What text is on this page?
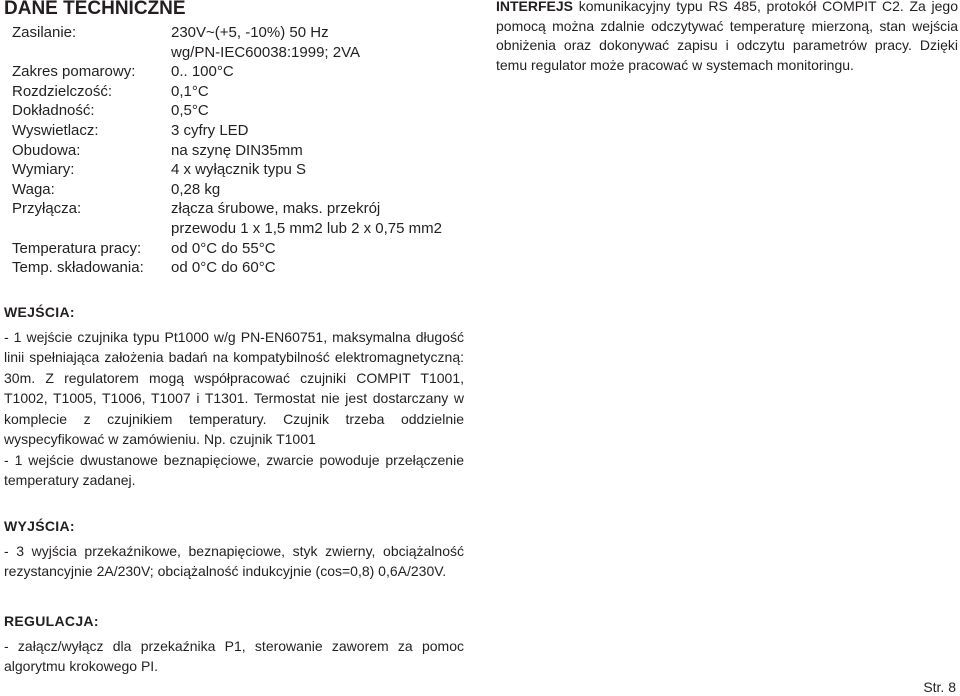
DANE TECHNICZNE
Zasilanie:	230V~(+5, -10%) 50 Hz
wg/PN-IEC60038:1999; 2VA
Zakres pomarowy:	0.. 100°C
Rozdzielczość:	0,1°C
Dokładność:	0,5°C
Wyswietlacz:	3 cyfry LED
Obudowa:	na szynę DIN35mm
Wymiary:	4 x wyłącznik typu S
Waga:	0,28 kg
Przyłącza:	złącza śrubowe, maks. przekrój
przewodu 1 x 1,5 mm2 lub 2 x 0,75 mm2
Temperatura pracy:	od 0°C do 55°C
Temp. składowania:	od 0°C do 60°C
INTERFEJS komunikacyjny typu RS 485, protokół COMPIT C2. Za jego pomocą można zdalnie odczytywać temperaturę mierzoną, stan wejścia obniżenia oraz dokonywać zapisu i odczytu parametrów pracy. Dzięki temu regulator może pracować w systemach monitoringu.
WEJŚCIA:

- 1 wejście czujnika typu Pt1000 w/g PN-EN60751, maksymalna długość linii spełniająca założenia badań na kompatybilność elektromagnetyczną: 30m. Z regulatorem mogą współpracować czujniki COMPIT T1001, T1002, T1005, T1006, T1007 i T1301. Termostat nie jest dostarczany w komplecie z czujnikiem temperatury. Czujnik trzeba oddzielnie wyspecyfikować w zamówieniu. Np. czujnik T1001

- 1 wejście dwustanowe beznapięciowe, zwarcie powoduje przełączenie temperatury zadanej.

WYJŚCIA:

- 3 wyjścia przekaźnikowe, beznapięciowe, styk zwierny, obciążalność rezystancyjnie 2A/230V; obciążalność indukcyjnie (cos=0,8) 0,6A/230V.

REGULACJA:

- załącz/wyłącz dla przekaźnika P1, sterowanie zaworem za pomoc algorytmu krokowego PI.

Str. 8
